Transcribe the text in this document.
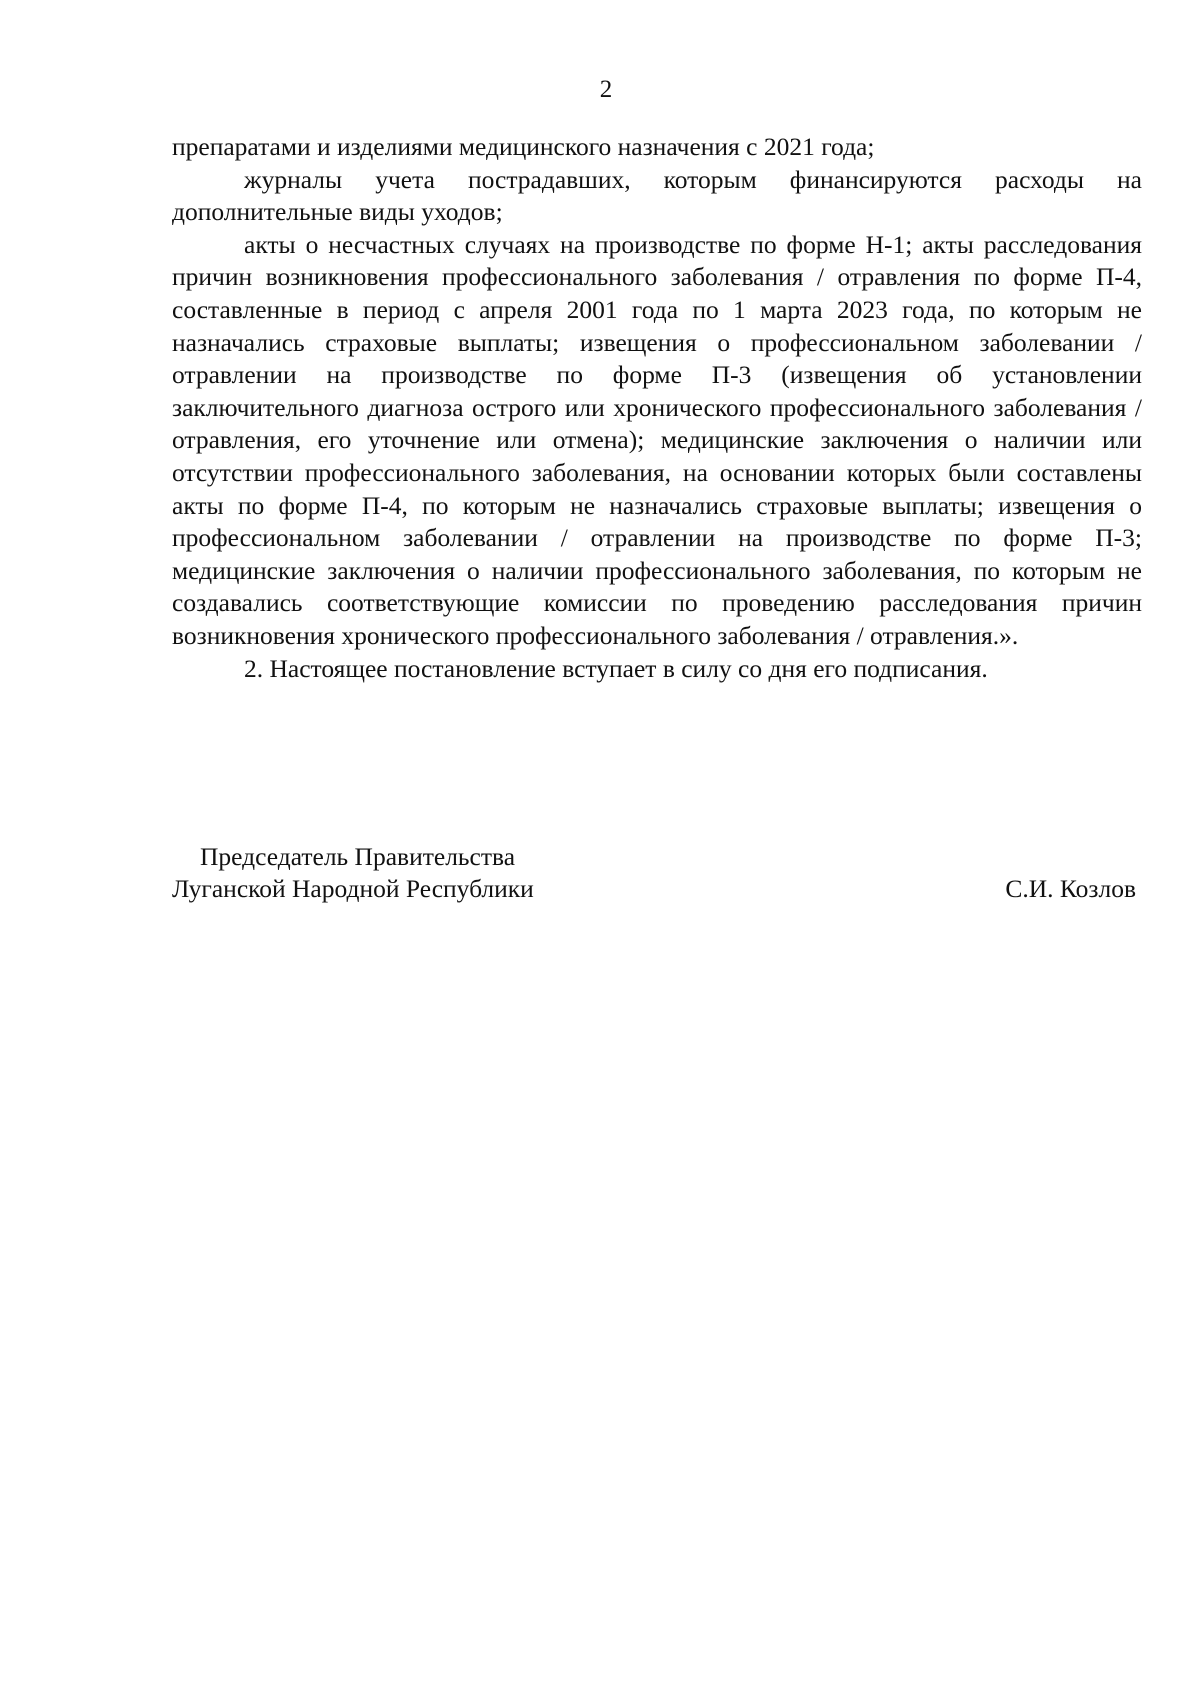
2

препаратами и изделиями медицинского назначения с 2021 года;

журналы учета пострадавших, которым финансируются расходы на дополнительные виды уходов;

акты о несчастных случаях на производстве по форме Н-1; акты расследования причин возникновения профессионального заболевания / отравления по форме П-4, составленные в период с апреля 2001 года по 1 марта 2023 года, по которым не назначались страховые выплаты; извещения о профессиональном заболевании / отравлении на производстве по форме П-3 (извещения об установлении заключительного диагноза острого или хронического профессионального заболевания / отравления, его уточнение или отмена); медицинские заключения о наличии или отсутствии профессионального заболевания, на основании которых были составлены акты по форме П-4, по которым не назначались страховые выплаты; извещения о профессиональном заболевании / отравлении на производстве по форме П-3; медицинские заключения о наличии профессионального заболевания, по которым не создавались соответствующие комиссии по проведению расследования причин возникновения хронического профессионального заболевания / отравления.».

2. Настоящее постановление вступает в силу со дня его подписания.

Председатель Правительства
Луганской Народной Республики	С.И. Козлов
